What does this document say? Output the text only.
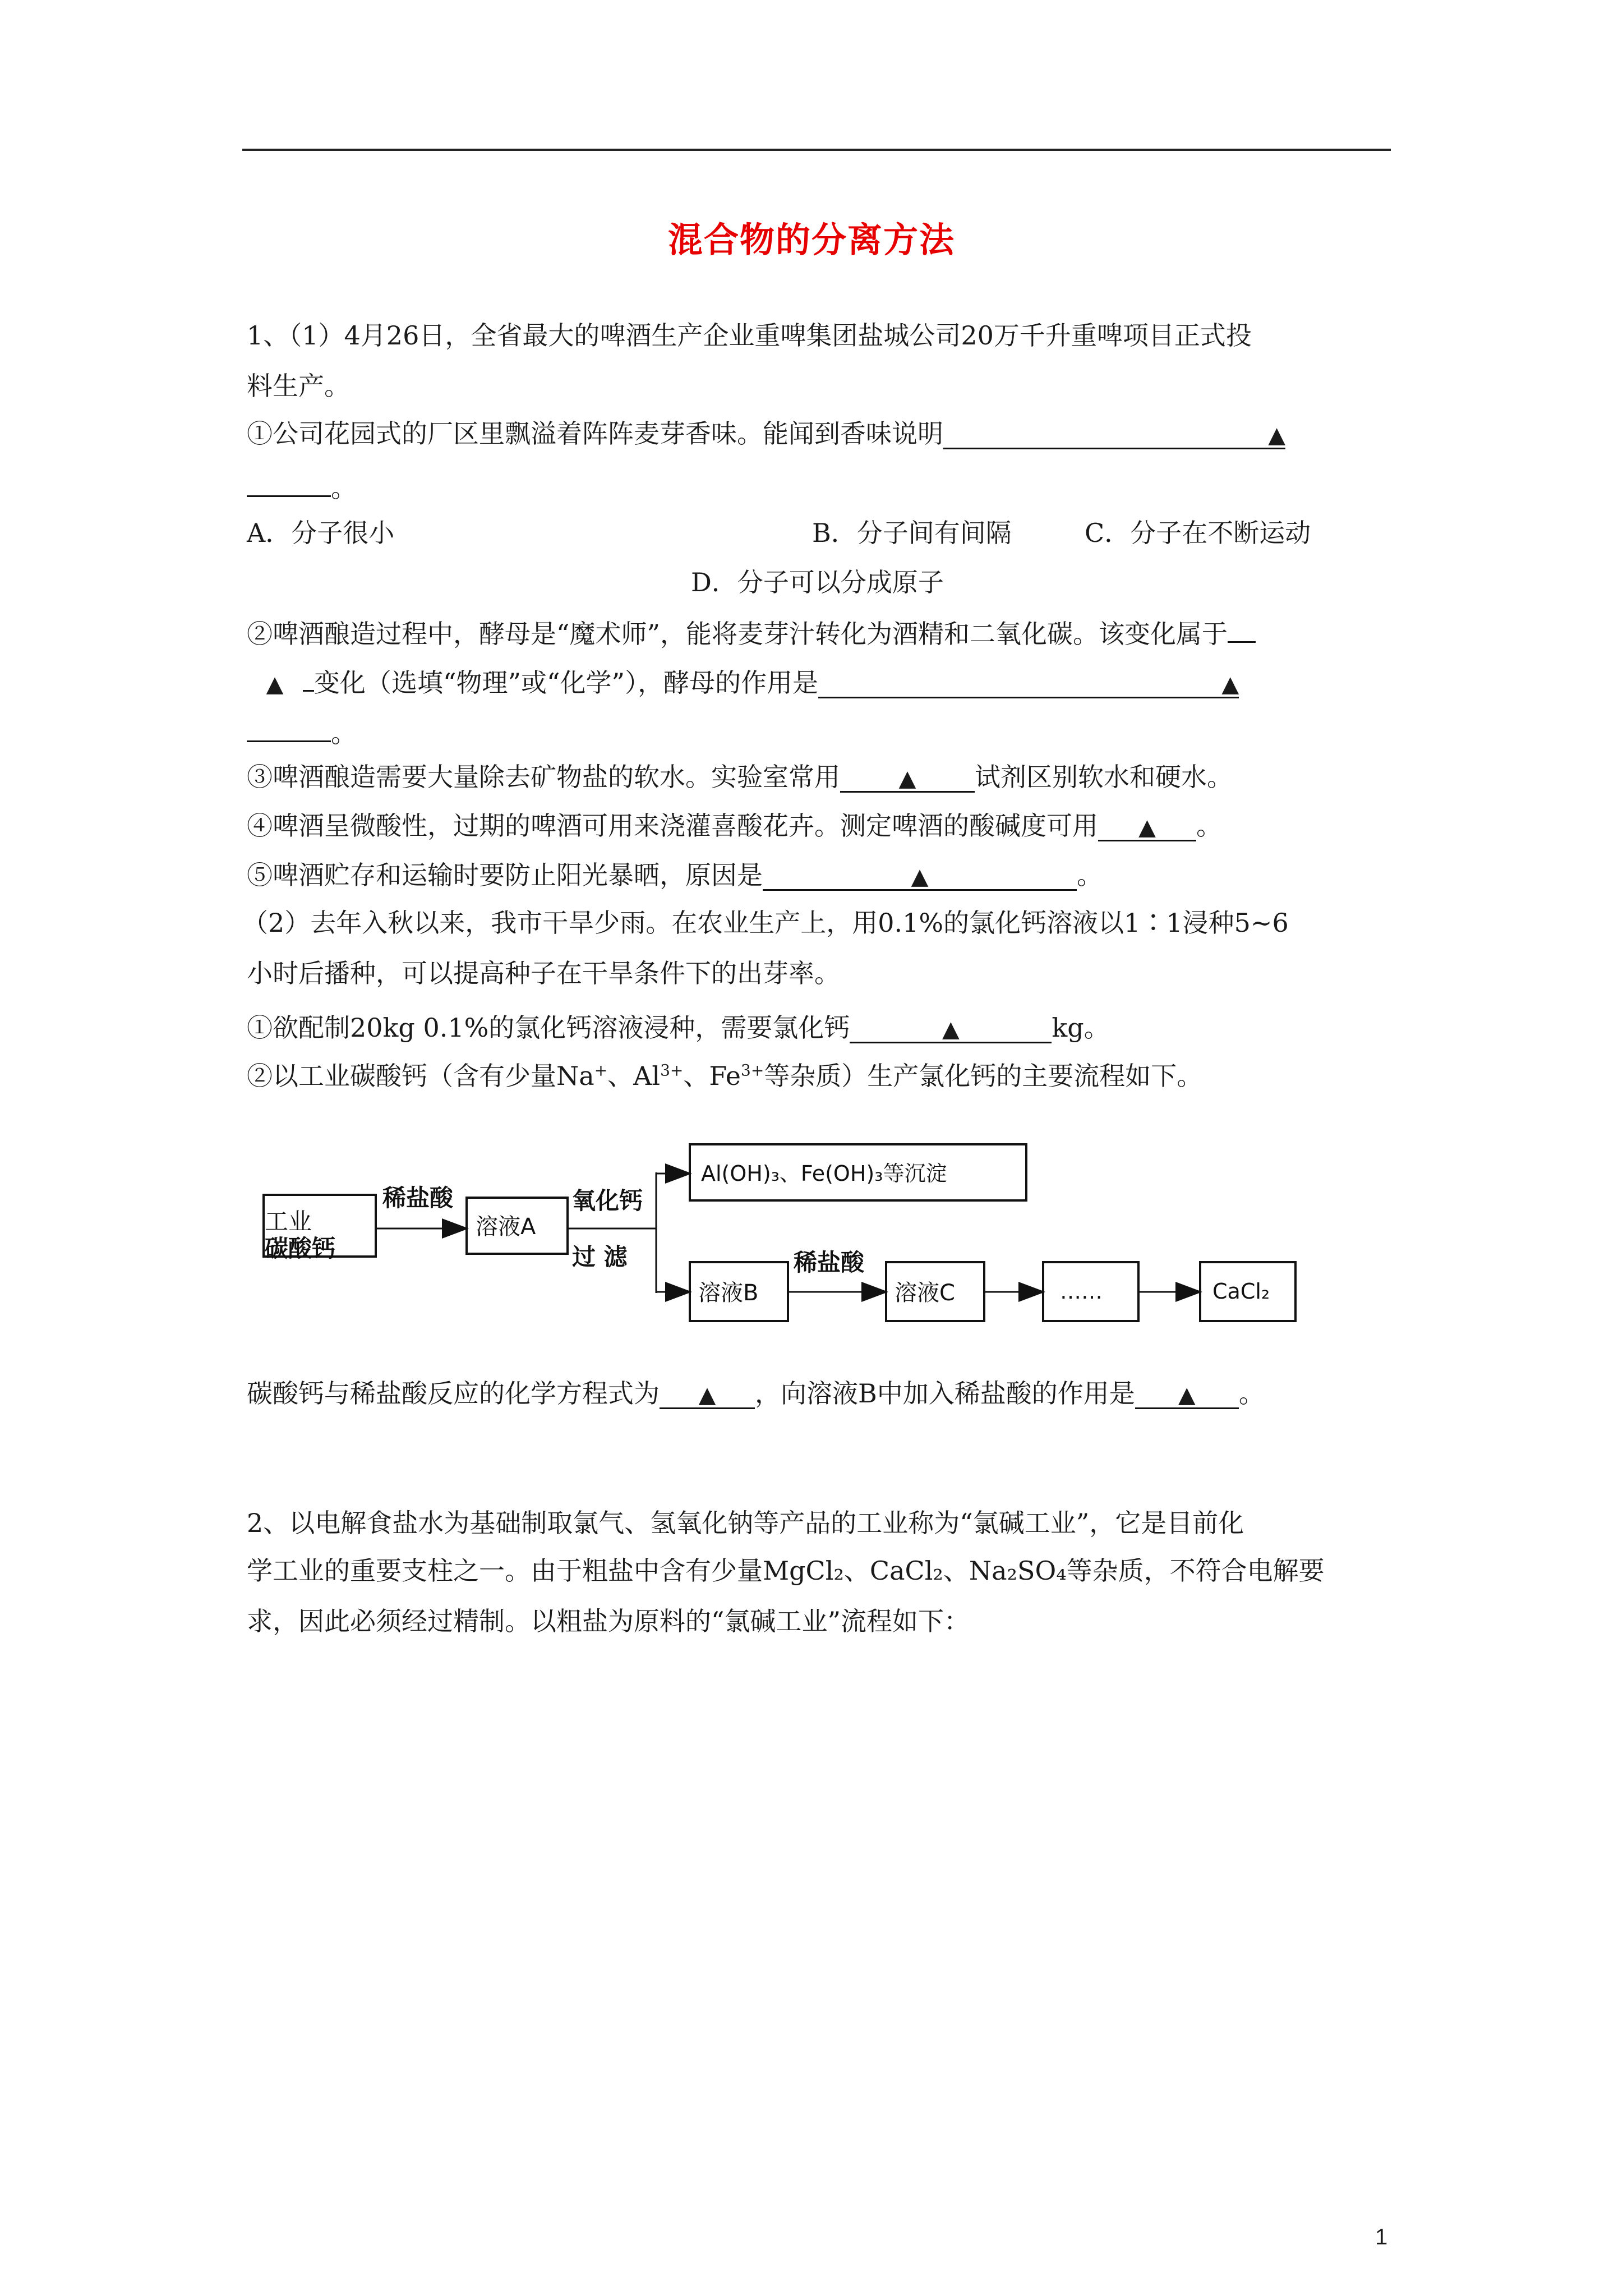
混合物的分离方法
1、（1）4月26日，全省最大的啤酒生产企业重啤集团盐城公司20万千升重啤项目正式投
料生产。
①公司花园式的厂区里飘溢着阵阵麦芽香味。能闻到香味说明	▲
。
A．分子很小	B．分子间有间隔	C．分子在不断运动
D．分子可以分成原子
②啤酒酿造过程中，酵母是“魔术师”，能将麦芽汁转化为酒精和二氧化碳。该变化属于
▲ 变化（选填“物理”或“化学”），酵母的作用是	▲
。
③啤酒酿造需要大量除去矿物盐的软水。实验室常用	▲ 试剂区别软水和硬水。
④啤酒呈微酸性，过期的啤酒可用来浇灌喜酸花卉。测定啤酒的酸碱度可用 ▲ 。
⑤啤酒贮存和运输时要防止阳光暴晒，原因是	▲	。
（2）去年入秋以来，我市干旱少雨。在农业生产上，用0.1%的氯化钙溶液以1∶1浸种5~6
小时后播种，可以提高种子在干旱条件下的出芽率。
①欲配制20kg 0.1%的氯化钙溶液浸种，需要氯化钙	▲	kg。
②以工业碳酸钙（含有少量Na+、$Al^{3+}$、$Fe^{3+}$等杂质）生产氯化钙的主要流程如下。
工业
碳酸钙
稀盐酸
溶液A
氧化钙
过 滤
Al(OH)₃、Fe(OH)₃等沉淀
溶液B
稀盐酸
溶液C	……	CaCl₂
碳酸钙与稀盐酸反应的化学方程式为 ▲ ，向溶液B中加入稀盐酸的作用是 ▲ 。
2、以电解食盐水为基础制取氯气、氢氧化钠等产品的工业称为“氯碱工业”，它是目前化
学工业的重要支柱之一。由于粗盐中含有少量MgCl₂、CaCl₂、Na₂SO₄等杂质，不符合电解要
求，因此必须经过精制。以粗盐为原料的“氯碱工业”流程如下：
1
